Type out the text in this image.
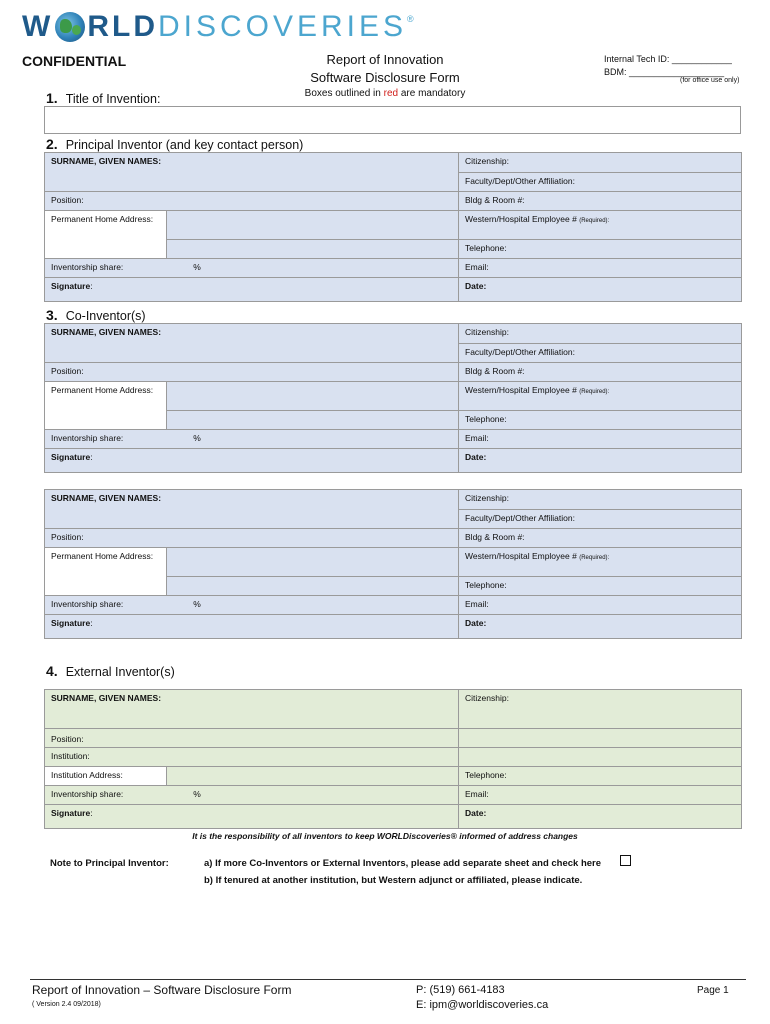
W RLD D ISCOVERIES ®
CONFIDENTIAL	Report of Innovation
Software Disclosure Form
Boxes outlined in red are mandatory
Internal Tech ID: ____________
BDM: ___________________
(for office use only)
1. Title of Invention:
2. Principal Inventor (and key contact person)
SURNAME, GIVEN NAMES:		Citizenship:
		Faculty/Dept/Other Affiliation:
Position:		Bldg & Room #:
Permanent Home Address:		Western/Hospital Employee # (Required):
		Telephone:
Inventorship share: %		Email:
Signature:		Date:
3. Co-Inventor(s)
SURNAME, GIVEN NAMES:		Citizenship:
		Faculty/Dept/Other Affiliation:
Position:		Bldg & Room #:
Permanent Home Address:		Western/Hospital Employee # (Required):
		Telephone:
Inventorship share: %		Email:
Signature:		Date:
SURNAME, GIVEN NAMES:		Citizenship:
		Faculty/Dept/Other Affiliation:
Position:		Bldg & Room #:
Permanent Home Address:		Western/Hospital Employee # (Required):
		Telephone:
Inventorship share: %		Email:
Signature:		Date:
4. External Inventor(s)
SURNAME, GIVEN NAMES:		Citizenship:
Position:		
Institution:		
Institution Address:		Telephone:
Inventorship share: %		Email:
Signature:		Date:
It is the responsibility of all inventors to keep WORLDiscoveries® informed of address changes
Note to Principal Inventor:	a) If more Co-Inventors or External Inventors, please add separate sheet and check here
b) If tenured at another institution, but Western adjunct or affiliated, please indicate.
Report of Innovation – Software Disclosure Form
( Version 2.4 09/2018)
P: (519) 661-4183
E: ipm@worldiscoveries.ca
Page 1
